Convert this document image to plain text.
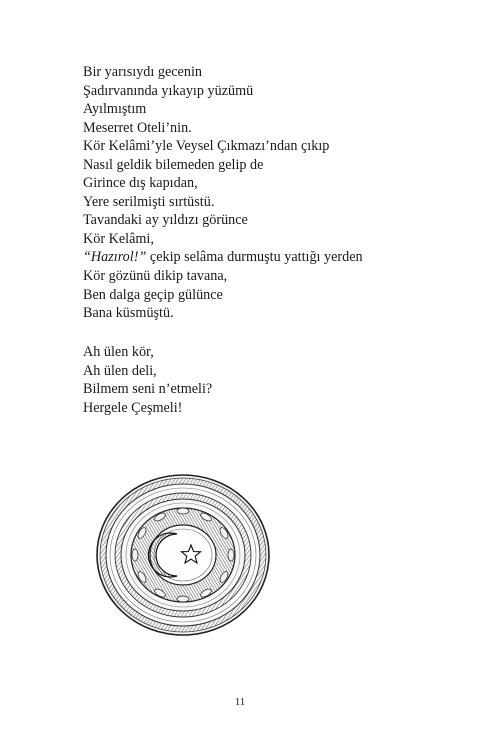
Bir yarısıydı gecenin
Şadırvanında yıkayıp yüzümü
Ayılmıştım
Meserret Oteli’nin.
Kör Kelâmi’yle Veysel Çıkmazı’ndan çıkıp
Nasıl geldik bilemeden gelip de
Girince dış kapıdan,
Yere serilmişti sırtüstü.
Tavandaki ay yıldızı görünce
Kör Kelâmi,
“Hazırol!” çekip selâma durmuştu yattığı yerden
Kör gözünü dikip tavana,
Ben dalga geçip gülünce
Bana küsmüştü.
Ah ülen kör,
Ah ülen deli,
Bilmem seni n’etmeli?
Hergele Çeşmeli!
11
